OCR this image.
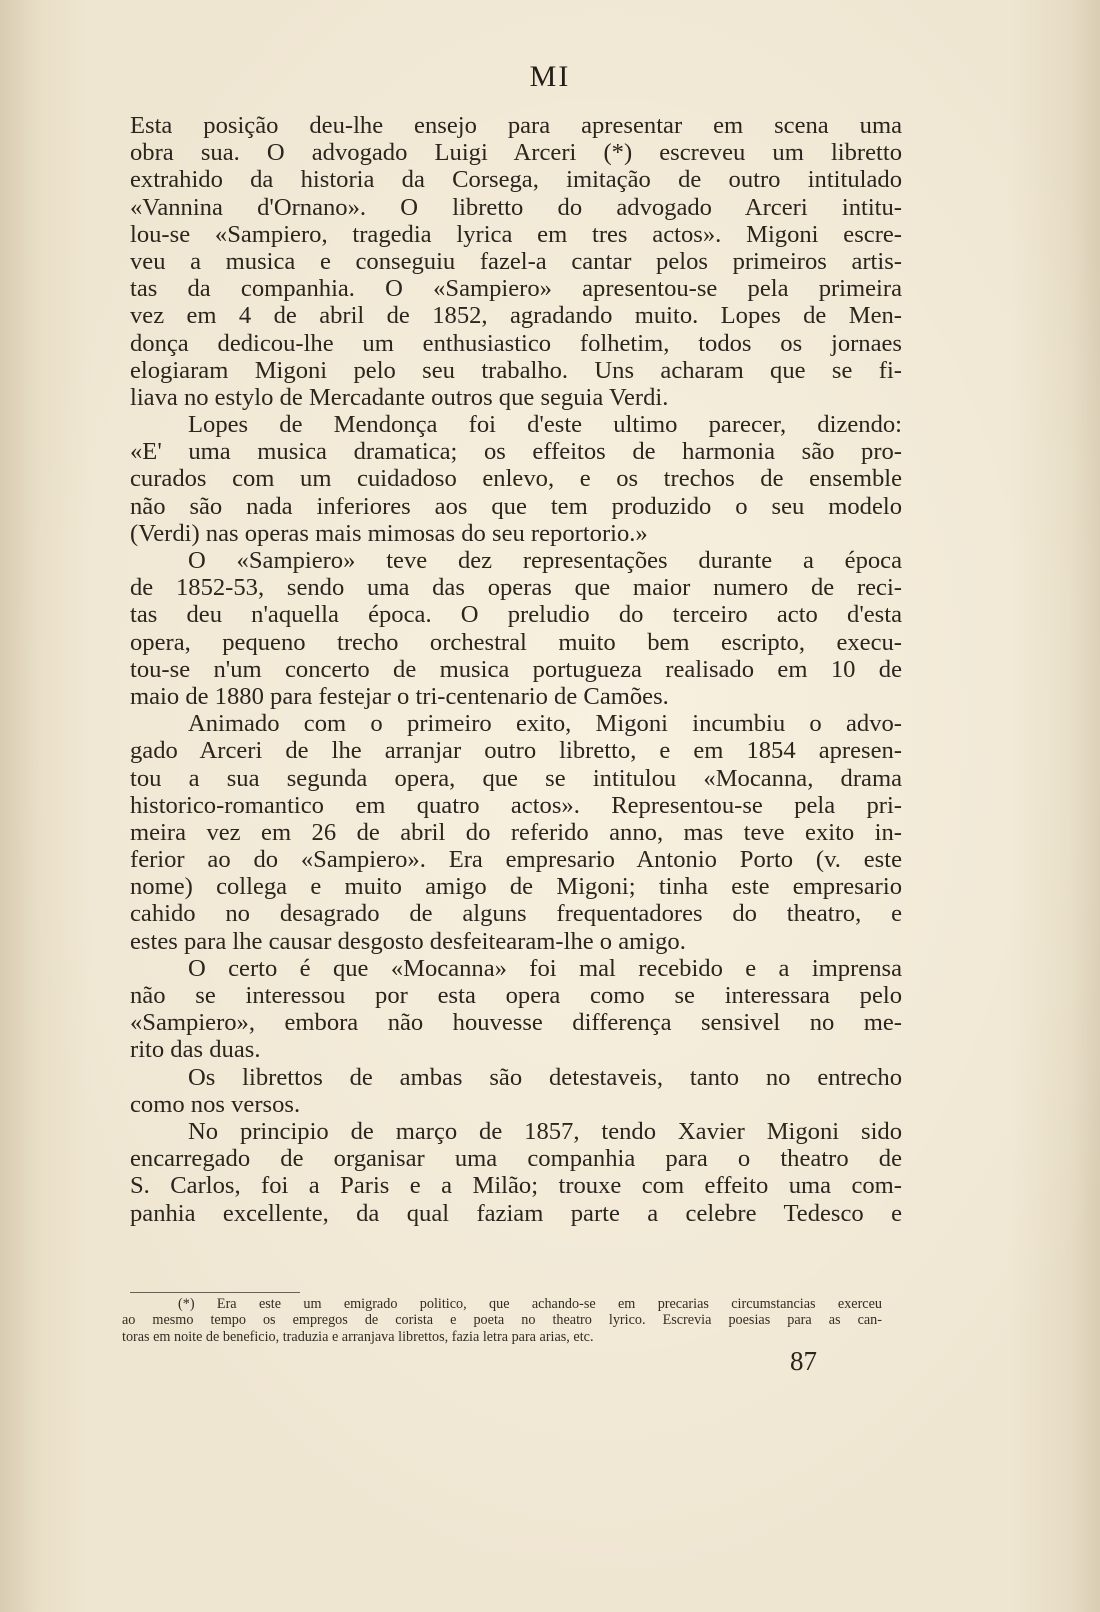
MI
Esta posição deu-lhe ensejo para apresentar em scena uma
obra sua. O advogado Luigi Arceri (*) escreveu um libretto
extrahido da historia da Corsega, imitação de outro intitulado
«Vannina d'Ornano». O libretto do advogado Arceri intitu-
lou-se «Sampiero, tragedia lyrica em tres actos». Migoni escre-
veu a musica e conseguiu fazel-a cantar pelos primeiros artis-
tas da companhia. O «Sampiero» apresentou-se pela primeira
vez em 4 de abril de 1852, agradando muito. Lopes de Men-
donça dedicou-lhe um enthusiastico folhetim, todos os jornaes
elogiaram Migoni pelo seu trabalho. Uns acharam que se fi-
liava no estylo de Mercadante outros que seguia Verdi.
Lopes de Mendonça foi d'este ultimo parecer, dizendo:
«E' uma musica dramatica; os effeitos de harmonia são pro-
curados com um cuidadoso enlevo, e os trechos de ensemble
não são nada inferiores aos que tem produzido o seu modelo
(Verdi) nas operas mais mimosas do seu reportorio.»
O «Sampiero» teve dez representações durante a época
de 1852-53, sendo uma das operas que maior numero de reci-
tas deu n'aquella época. O preludio do terceiro acto d'esta
opera, pequeno trecho orchestral muito bem escripto, execu-
tou-se n'um concerto de musica portugueza realisado em 10 de
maio de 1880 para festejar o tri-centenario de Camões.
Animado com o primeiro exito, Migoni incumbiu o advo-
gado Arceri de lhe arranjar outro libretto, e em 1854 apresen-
tou a sua segunda opera, que se intitulou «Mocanna, drama
historico-romantico em quatro actos». Representou-se pela pri-
meira vez em 26 de abril do referido anno, mas teve exito in-
ferior ao do «Sampiero». Era empresario Antonio Porto (v. este
nome) collega e muito amigo de Migoni; tinha este empresario
cahido no desagrado de alguns frequentadores do theatro, e
estes para lhe causar desgosto desfeitearam-lhe o amigo.
O certo é que «Mocanna» foi mal recebido e a imprensa
não se interessou por esta opera como se interessara pelo
«Sampiero», embora não houvesse differença sensivel no me-
rito das duas.
Os librettos de ambas são detestaveis, tanto no entrecho
como nos versos.
No principio de março de 1857, tendo Xavier Migoni sido
encarregado de organisar uma companhia para o theatro de
S. Carlos, foi a Paris e a Milão; trouxe com effeito uma com-
panhia excellente, da qual faziam parte a celebre Tedesco e
(*) Era este um emigrado politico, que achando-se em precarias circumstancias exerceu
ao mesmo tempo os empregos de corista e poeta no theatro lyrico. Escrevia poesias para as can-
toras em noite de beneficio, traduzia e arranjava librettos, fazia letra para arias, etc.
87
